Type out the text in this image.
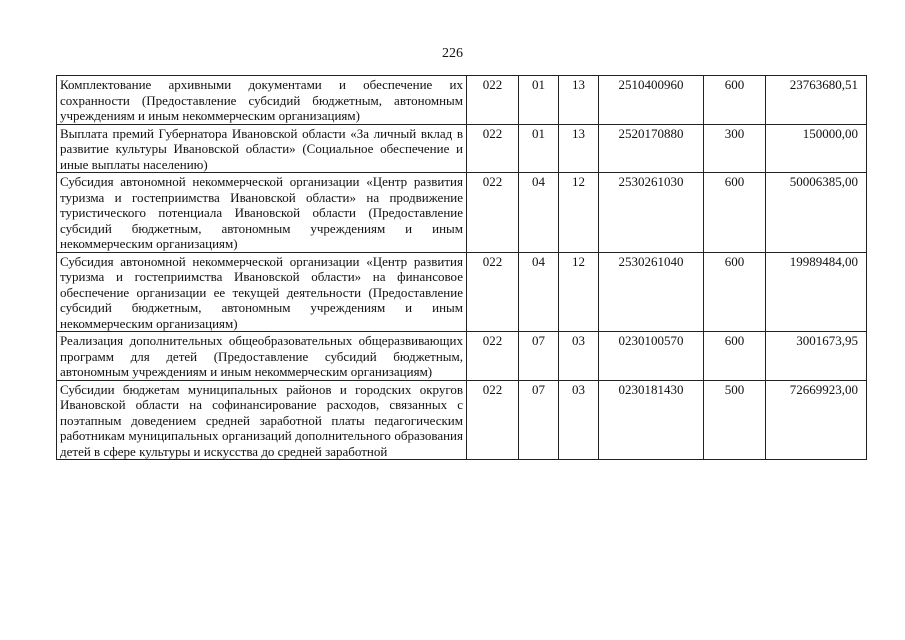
226
Комплектование архивными документами и обеспечение их сохранности (Предоставление субсидий бюджетным, автономным учреждениям и иным некоммерческим организациям)	022	01	13	2510400960	600	23763680,51
Выплата премий Губернатора Ивановской области «За личный вклад в развитие культуры Ивановской области» (Социальное обеспечение и иные выплаты населению)	022	01	13	2520170880	300	150000,00
Субсидия автономной некоммерческой организации «Центр развития туризма и гостеприимства Ивановской области» на продвижение туристического потенциала Ивановской области (Предоставление субсидий бюджетным, автономным учреждениям и иным некоммерческим организациям)	022	04	12	2530261030	600	50006385,00
Субсидия автономной некоммерческой организации «Центр развития туризма и гостеприимства Ивановской области» на финансовое обеспечение организации ее текущей деятельности (Предоставление субсидий бюджетным, автономным учреждениям и иным некоммерческим организациям)	022	04	12	2530261040	600	19989484,00
Реализация дополнительных общеобразовательных общеразвивающих программ для детей (Предоставление субсидий бюджетным, автономным учреждениям и иным некоммерческим организациям)	022	07	03	0230100570	600	3001673,95
Субсидии бюджетам муниципальных районов и городских округов Ивановской области на софинансирование расходов, связанных с поэтапным доведением средней заработной платы педагогическим работникам муниципальных организаций дополнительного образования детей в сфере культуры и искусства до средней заработной	022	07	03	0230181430	500	72669923,00
